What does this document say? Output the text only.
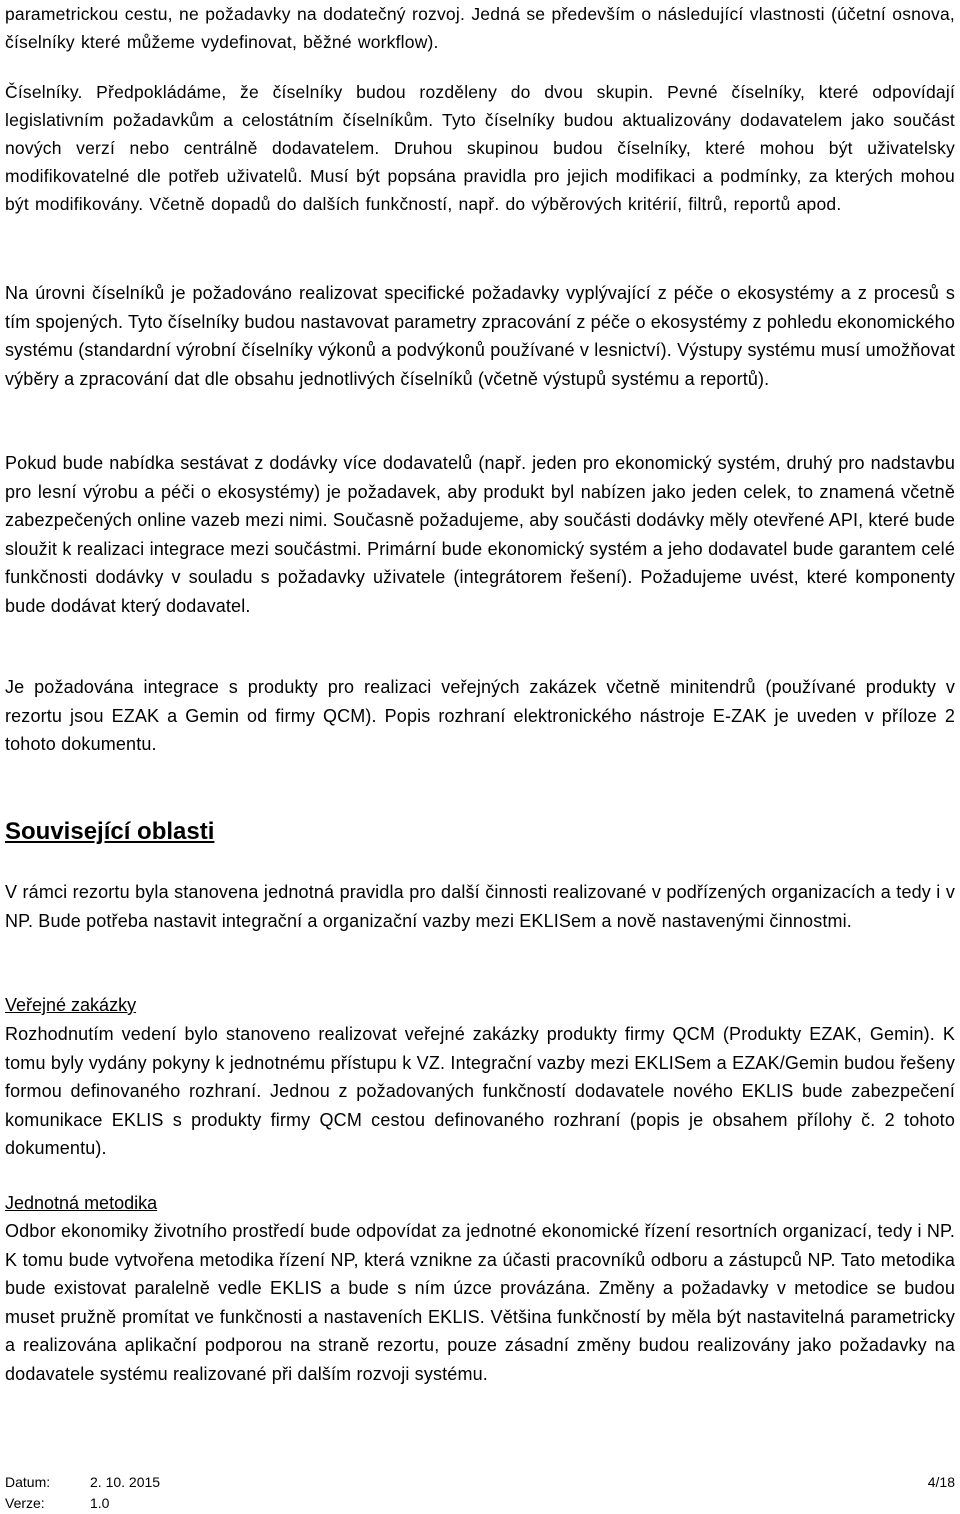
parametrickou cestu, ne požadavky na dodatečný rozvoj. Jedná se především o následující vlastnosti (účetní osnova, číselníky které můžeme vydefinovat, běžné workflow).

Číselníky. Předpokládáme, že číselníky budou rozděleny do dvou skupin. Pevné číselníky, které odpovídají legislativním požadavkům a celostátním číselníkům. Tyto číselníky budou aktualizovány dodavatelem jako součást nových verzí nebo centrálně dodavatelem. Druhou skupinou budou číselníky, které mohou být uživatelsky modifikovatelné dle potřeb uživatelů. Musí být popsána pravidla pro jejich modifikaci a podmínky, za kterých mohou být modifikovány. Včetně dopadů do dalších funkčností, např. do výběrových kritérií, filtrů, reportů apod.

Na úrovni číselníků je požadováno realizovat specifické požadavky vyplývající z péče o ekosystémy a z procesů s tím spojených. Tyto číselníky budou nastavovat parametry zpracování z péče o ekosystémy z pohledu ekonomického systému (standardní výrobní číselníky výkonů a podvýkonů používané v lesnictví). Výstupy systému musí umožňovat výběry a zpracování dat dle obsahu jednotlivých číselníků (včetně výstupů systému a reportů).

Pokud bude nabídka sestávat z dodávky více dodavatelů (např. jeden pro ekonomický systém, druhý pro nadstavbu pro lesní výrobu a péči o ekosystémy) je požadavek, aby produkt byl nabízen jako jeden celek, to znamená včetně zabezpečených online vazeb mezi nimi. Současně požadujeme, aby součásti dodávky měly otevřené API, které bude sloužit k realizaci integrace mezi součástmi. Primární bude ekonomický systém a jeho dodavatel bude garantem celé funkčnosti dodávky v souladu s požadavky uživatele (integrátorem řešení). Požadujeme uvést, které komponenty bude dodávat který dodavatel.

Je požadována integrace s produkty pro realizaci veřejných zakázek včetně minitendrů (používané produkty v rezortu jsou EZAK a Gemin od firmy QCM). Popis rozhraní elektronického nástroje E-ZAK je uveden v příloze 2 tohoto dokumentu.

Související oblasti

V rámci rezortu byla stanovena jednotná pravidla pro další činnosti realizované v podřízených organizacích a tedy i v NP. Bude potřeba nastavit integrační a organizační vazby mezi EKLISem a nově nastavenými činnostmi.

Veřejné zakázky

Rozhodnutím vedení bylo stanoveno realizovat veřejné zakázky produkty firmy QCM (Produkty EZAK, Gemin). K tomu byly vydány pokyny k jednotnému přístupu k VZ. Integrační vazby mezi EKLISem a EZAK/Gemin budou řešeny formou definovaného rozhraní. Jednou z požadovaných funkčností dodavatele nového EKLIS bude zabezpečení komunikace EKLIS s produkty firmy QCM cestou definovaného rozhraní (popis je obsahem přílohy č. 2 tohoto dokumentu).

Jednotná metodika

Odbor ekonomiky životního prostředí bude odpovídat za jednotné ekonomické řízení resortních organizací, tedy i NP. K tomu bude vytvořena metodika řízení NP, která vznikne za účasti pracovníků odboru a zástupců NP. Tato metodika bude existovat paralelně vedle EKLIS a bude s ním úzce provázána. Změny a požadavky v metodice se budou muset pružně promítat ve funkčnosti a nastaveních EKLIS. Většina funkčností by měla být nastavitelná parametricky a realizována aplikační podporou na straně rezortu, pouze zásadní změny budou realizovány jako požadavky na dodavatele systému realizované při dalším rozvoji systému.

Datum:	2. 10. 2015	4/18
Verze:	1.0
